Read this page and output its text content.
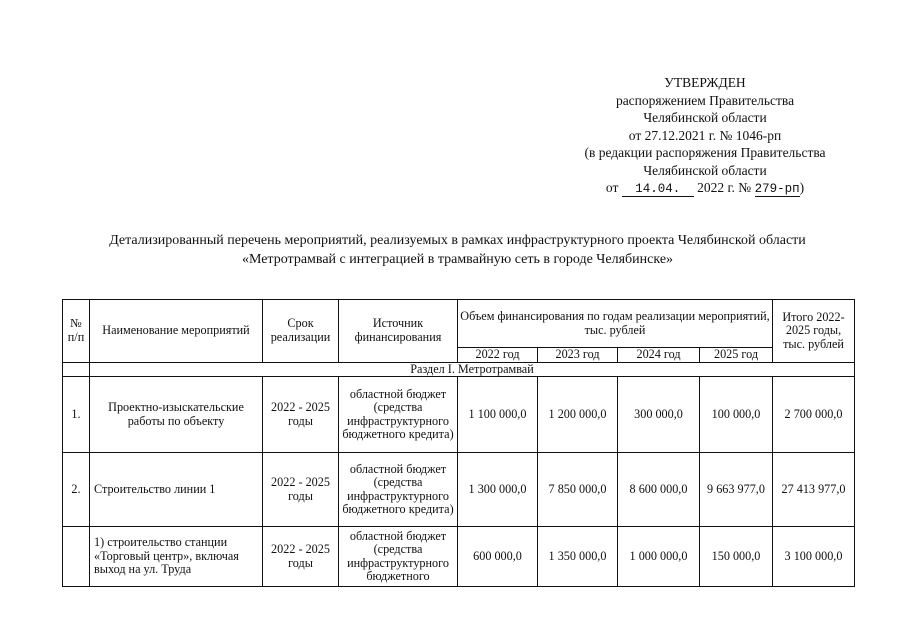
УТВЕРЖДЕН
распоряжением Правительства
Челябинской области
от 27.12.2021 г. № 1046-рп
(в редакции распоряжения Правительства
Челябинской области
от 14.04. 2022 г. № 279-рп)
Детализированный перечень мероприятий, реализуемых в рамках инфраструктурного проекта Челябинской области
«Метротрамвай с интеграцией в трамвайную сеть в городе Челябинске»
№ п/п	Наименование мероприятий	Срок реализации	Источник финансирования	Объем финансирования по годам реализации мероприятий, тыс. рублей				Итого 2022-2025 годы, тыс. рублей
				2022 год	2023 год	2024 год	2025 год	
	Раздел I. Метротрамвай							
1.	Проектно-изыскательские работы по объекту	2022 - 2025 годы	областной бюджет (средства инфраструктурного бюджетного кредита)	1 100 000,0	1 200 000,0	300 000,0	100 000,0	2 700 000,0
2.	Строительство линии 1	2022 - 2025 годы	областной бюджет (средства инфраструктурного бюджетного кредита)	1 300 000,0	7 850 000,0	8 600 000,0	9 663 977,0	27 413 977,0
	1) строительство станции «Торговый центр», включая выход на ул. Труда	2022 - 2025 годы	областной бюджет (средства инфраструктурного бюджетного	600 000,0	1 350 000,0	1 000 000,0	150 000,0	3 100 000,0
